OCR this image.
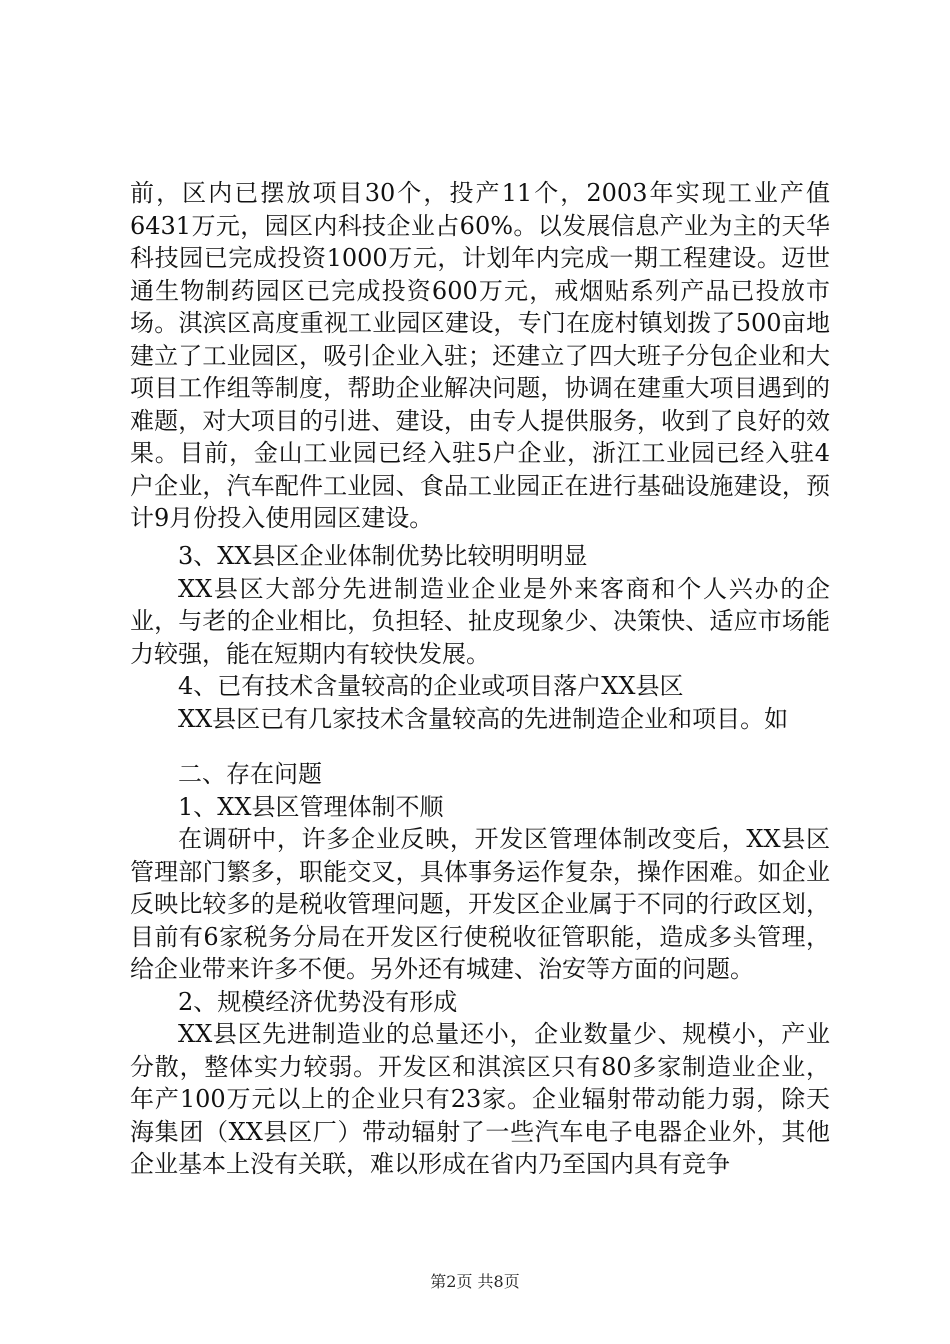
前，区内已摆放项目30个，投产11个，2003年实现工业产值6431万元，园区内科技企业占60%。以发展信息产业为主的天华科技园已完成投资1000万元，计划年内完成一期工程建设。迈世通生物制药园区已完成投资600万元，戒烟贴系列产品已投放市场。淇滨区高度重视工业园区建设，专门在庞村镇划拨了500亩地建立了工业园区，吸引企业入驻；还建立了四大班子分包企业和大项目工作组等制度，帮助企业解决问题，协调在建重大项目遇到的难题，对大项目的引进、建设，由专人提供服务，收到了良好的效果。目前，金山工业园已经入驻5户企业，浙江工业园已经入驻4户企业，汽车配件工业园、食品工业园正在进行基础设施建设，预计9月份投入使用园区建设。

3、XX县区企业体制优势比较明明明显

XX县区大部分先进制造业企业是外来客商和个人兴办的企业，与老的企业相比，负担轻、扯皮现象少、决策快、适应市场能力较强，能在短期内有较快发展。

4、已有技术含量较高的企业或项目落户XX县区

XX县区已有几家技术含量较高的先进制造企业和项目。如

二、存在问题

1、XX县区管理体制不顺

在调研中，许多企业反映，开发区管理体制改变后，XX县区管理部门繁多，职能交叉，具体事务运作复杂，操作困难。如企业反映比较多的是税收管理问题，开发区企业属于不同的行政区划，目前有6家税务分局在开发区行使税收征管职能，造成多头管理，给企业带来许多不便。另外还有城建、治安等方面的问题。

2、规模经济优势没有形成

XX县区先进制造业的总量还小，企业数量少、规模小，产业分散，整体实力较弱。开发区和淇滨区只有80多家制造业企业，年产100万元以上的企业只有23家。企业辐射带动能力弱，除天海集团（XX县区厂）带动辐射了一些汽车电子电器企业外，其他企业基本上没有关联，难以形成在省内乃至国内具有竞争

第2页 共8页
